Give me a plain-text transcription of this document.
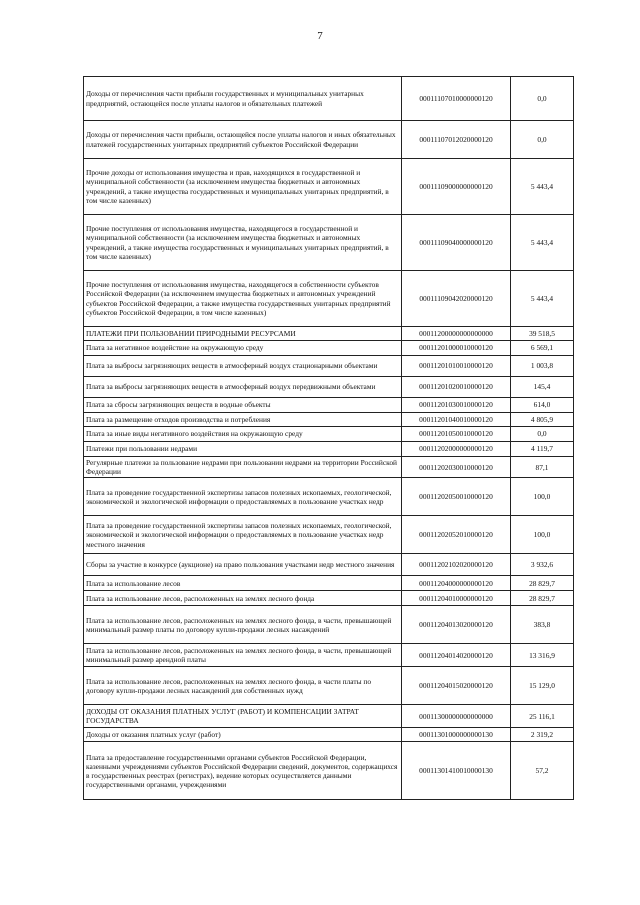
7
Доходы от перечисления части прибыли государственных и муниципальных унитарных предприятий, остающейся после уплаты налогов и обязательных платежей	00011107010000000120	0,0
Доходы от перечисления части прибыли, остающейся после уплаты налогов и иных обязательных платежей государственных унитарных предприятий субъектов Российской Федерации	00011107012020000120	0,0
Прочие доходы от использования имущества и прав, находящихся в государственной и муниципальной собственности (за исключением имущества бюджетных и автономных учреждений, а также имущества государственных и муниципальных унитарных предприятий, в том числе казенных)	00011109000000000120	5 443,4
Прочие поступления от использования имущества, находящегося в государственной и муниципальной собственности (за исключением имущества бюджетных и автономных учреждений, а также имущества государственных и муниципальных унитарных предприятий, в том числе казенных)	00011109040000000120	5 443,4
Прочие поступления от использования имущества, находящегося в собственности субъектов Российской Федерации (за исключением имущества бюджетных и автономных учреждений субъектов Российской Федерации, а также имущества государственных унитарных предприятий субъектов Российской Федерации, в том числе казенных)	00011109042020000120	5 443,4
ПЛАТЕЖИ ПРИ ПОЛЬЗОВАНИИ ПРИРОДНЫМИ РЕСУРСАМИ	00011200000000000000	39 518,5
Плата за негативное воздействие на окружающую среду	00011201000010000120	6 569,1
Плата за выбросы загрязняющих веществ в атмосферный воздух стационарными объектами	00011201010010000120	1 003,8
Плата за выбросы загрязняющих веществ в атмосферный воздух передвижными объектами	00011201020010000120	145,4
Плата за сбросы загрязняющих веществ в водные объекты	00011201030010000120	614,0
Плата за размещение отходов производства и потребления	00011201040010000120	4 805,9
Плата за иные виды негативного воздействия на окружающую среду	00011201050010000120	0,0
Платежи при пользовании недрами	00011202000000000120	4 119,7
Регулярные платежи за пользование недрами при пользовании недрами на территории Российской Федерации	00011202030010000120	87,1
Плата за проведение государственной экспертизы запасов полезных ископаемых, геологической, экономической и экологической информации о предоставляемых в пользование участках недр	00011202050010000120	100,0
Плата за проведение государственной экспертизы запасов полезных ископаемых, геологической, экономической и экологической информации о предоставляемых в пользование участках недр местного значения	00011202052010000120	100,0
Сборы за участие в конкурсе (аукционе) на право пользования участками недр местного значения	00011202102020000120	3 932,6
Плата за использование лесов	00011204000000000120	28 829,7
Плата за использование лесов, расположенных на землях лесного фонда	00011204010000000120	28 829,7
Плата за использование лесов, расположенных на землях лесного фонда, в части, превышающей минимальный размер платы по договору купли-продажи лесных насаждений	00011204013020000120	383,8
Плата за использование лесов, расположенных на землях лесного фонда, в части, превышающей минимальный размер арендной платы	00011204014020000120	13 316,9
Плата за использование лесов, расположенных на землях лесного фонда, в части платы по договору купли-продажи лесных насаждений для собственных нужд	00011204015020000120	15 129,0
ДОХОДЫ ОТ ОКАЗАНИЯ ПЛАТНЫХ УСЛУГ (РАБОТ) И КОМПЕНСАЦИИ ЗАТРАТ ГОСУДАРСТВА	00011300000000000000	25 116,1
Доходы от оказания платных услуг (работ)	00011301000000000130	2 319,2
Плата за предоставление государственными органами субъектов Российской Федерации, казенными учреждениями субъектов Российской Федерации сведений, документов, содержащихся в государственных реестрах (регистрах), ведение которых осуществляется данными государственными органами, учреждениями	00011301410010000130	57,2
